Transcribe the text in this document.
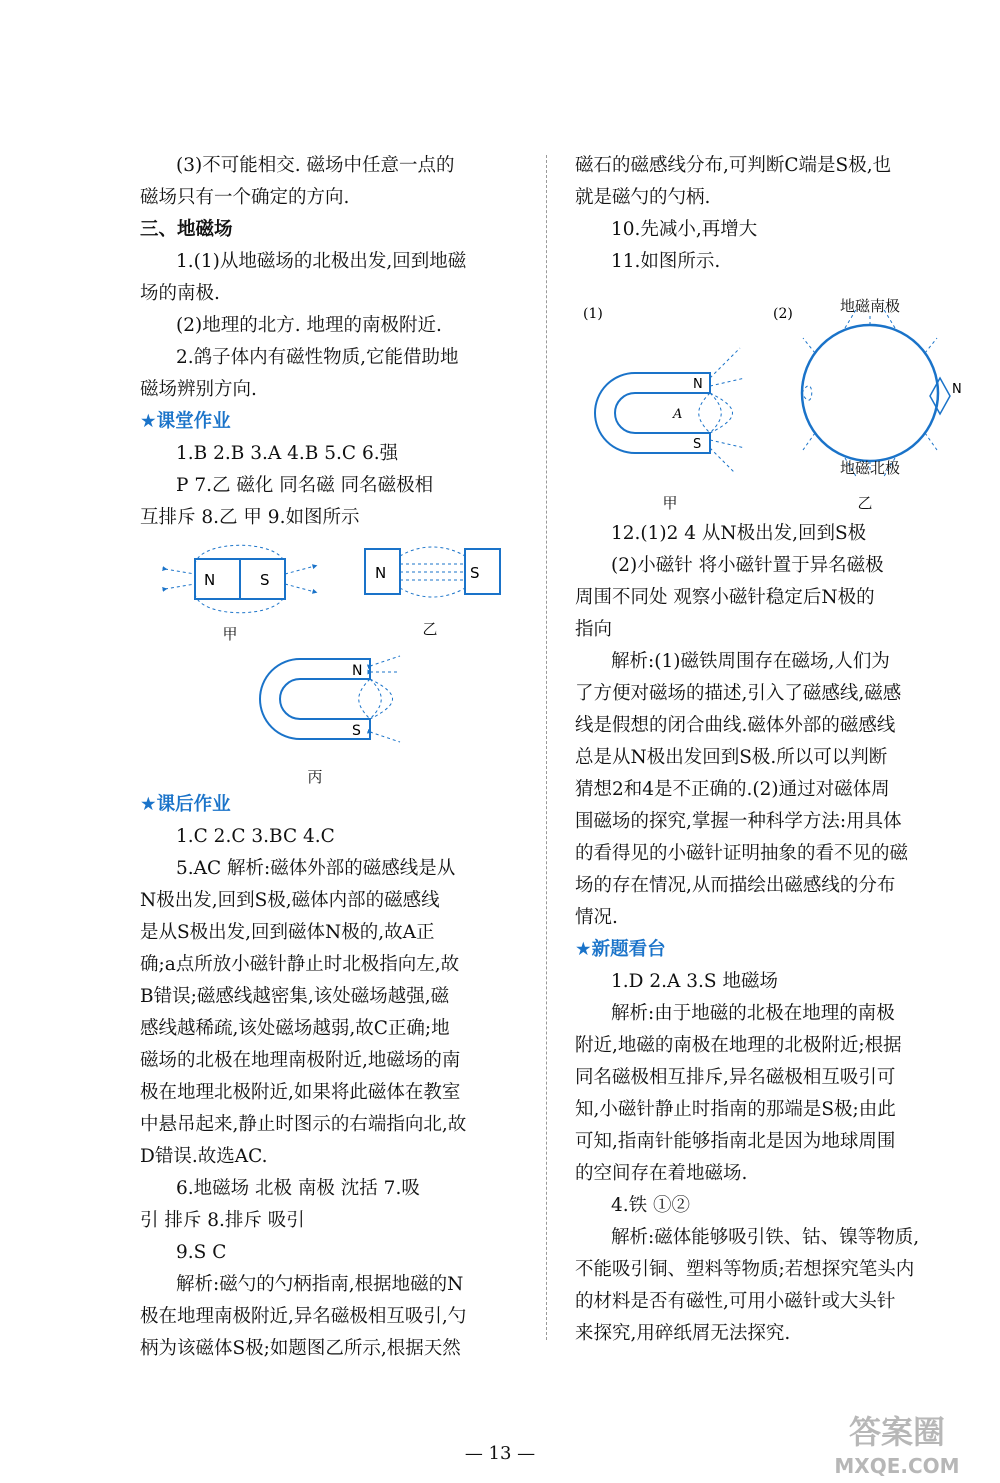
(3)不可能相交. 磁场中任意一点的

磁场只有一个确定的方向.

三、地磁场

1.(1)从地磁场的北极出发,回到地磁

场的南极.

(2)地理的北方. 地理的南极附近.

2.鸽子体内有磁性物质,它能借助地

磁场辨别方向.

★课堂作业

1.B 2.B 3.A 4.B 5.C 6.强

P 7.乙 磁化 同名磁 同名磁极相

互排斥 8.乙 甲 9.如图所示

N	S
甲
N	S
乙
N
S
丙
★课后作业

1.C 2.C 3.BC 4.C

5.AC 解析:磁体外部的磁感线是从

N极出发,回到S极,磁体内部的磁感线

是从S极出发,回到磁体N极的,故A正

确;a点所放小磁针静止时北极指向左,故

B错误;磁感线越密集,该处磁场越强,磁

感线越稀疏,该处磁场越弱,故C正确;地

磁场的北极在地理南极附近,地磁场的南

极在地理北极附近,如果将此磁体在教室

中悬吊起来,静止时图示的右端指向北,故

D错误.故选AC.

6.地磁场 北极 南极 沈括 7.吸

引 排斥 8.排斥 吸引

9.S C

解析:磁勺的勺柄指南,根据地磁的N

极在地理南极附近,异名磁极相互吸引,勺

柄为该磁体S极;如题图乙所示,根据天然

磁石的磁感线分布,可判断C端是S极,也

就是磁勺的勺柄.

10.先减小,再增大

11.如图所示.

(1)	(2)
N
S
A
甲
地磁南极
N
地磁北极
乙

12.(1)2 4 从N极出发,回到S极

(2)小磁针 将小磁针置于异名磁极

周围不同处 观察小磁针稳定后N极的

指向

解析:(1)磁铁周围存在磁场,人们为

了方便对磁场的描述,引入了磁感线,磁感

线是假想的闭合曲线.磁体外部的磁感线

总是从N极出发回到S极.所以可以判断

猜想2和4是不正确的.(2)通过对磁体周

围磁场的探究,掌握一种科学方法:用具体

的看得见的小磁针证明抽象的看不见的磁

场的存在情况,从而描绘出磁感线的分布

情况.

★新题看台

1.D 2.A 3.S 地磁场

解析:由于地磁的北极在地理的南极

附近,地磁的南极在地理的北极附近;根据

同名磁极相互排斥,异名磁极相互吸引可

知,小磁针静止时指南的那端是S极;由此

可知,指南针能够指南北是因为地球周围

的空间存在着地磁场.

4.铁 ①②

解析:磁体能够吸引铁、钴、镍等物质,

不能吸引铜、塑料等物质;若想探究笔头内

的材料是否有磁性,可用小磁针或大头针

来探究,用碎纸屑无法探究.

— 13 —
答案圈
MXQE.COM
